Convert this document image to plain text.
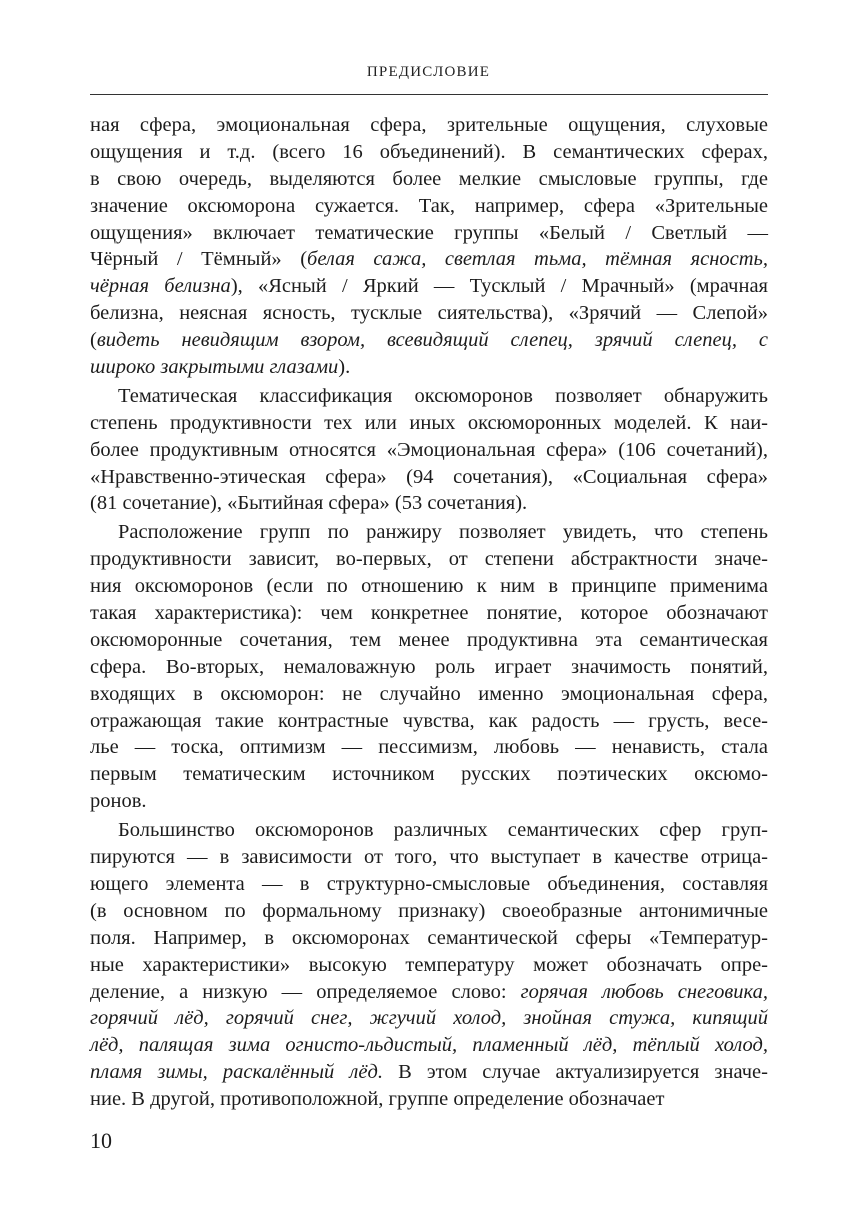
ПРЕДИСЛОВИЕ
ная сфера, эмоциональная сфера, зрительные ощущения, слуховые
ощущения и т.д. (всего 16 объединений). В семантических сферах,
в свою очередь, выделяются более мелкие смысловые группы, где
значение оксюморона сужается. Так, например, сфера «Зрительные
ощущения» включает тематические группы «Белый / Светлый —
Чёрный / Тёмный» (белая сажа, светлая тьма, тёмная ясность,
чёрная белизна), «Ясный / Яркий — Тусклый / Мрачный» (мрачная
белизна, неясная ясность, тусклые сиятельства), «Зрячий — Слепой»
(видеть невидящим взором, всевидящий слепец, зрячий слепец, с
широко закрытыми глазами).
Тематическая классификация оксюморонов позволяет обнаружить
степень продуктивности тех или иных оксюморонных моделей. К наи-
более продуктивным относятся «Эмоциональная сфера» (106 сочетаний),
«Нравственно-этическая сфера» (94 сочетания), «Социальная сфера»
(81 сочетание), «Бытийная сфера» (53 сочетания).
Расположение групп по ранжиру позволяет увидеть, что степень
продуктивности зависит, во-первых, от степени абстрактности значе-
ния оксюморонов (если по отношению к ним в принципе применима
такая характеристика): чем конкретнее понятие, которое обозначают
оксюморонные сочетания, тем менее продуктивна эта семантическая
сфера. Во-вторых, немаловажную роль играет значимость понятий,
входящих в оксюморон: не случайно именно эмоциональная сфера,
отражающая такие контрастные чувства, как радость — грусть, весе-
лье — тоска, оптимизм — пессимизм, любовь — ненависть, стала
первым тематическим источником русских поэтических оксюмо-
ронов.
Большинство оксюморонов различных семантических сфер груп-
пируются — в зависимости от того, что выступает в качестве отрица-
ющего элемента — в структурно-смысловые объединения, составляя
(в основном по формальному признаку) своеобразные антонимичные
поля. Например, в оксюморонах семантической сферы «Температур-
ные характеристики» высокую температуру может обозначать опре-
деление, а низкую — определяемое слово: горячая любовь снеговика,
горячий лёд, горячий снег, жгучий холод, знойная стужа, кипящий
лёд, палящая зима огнисто-льдистый, пламенный лёд, тёплый холод,
пламя зимы, раскалённый лёд. В этом случае актуализируется значе-
ние. В другой, противоположной, группе определение обозначает
10
